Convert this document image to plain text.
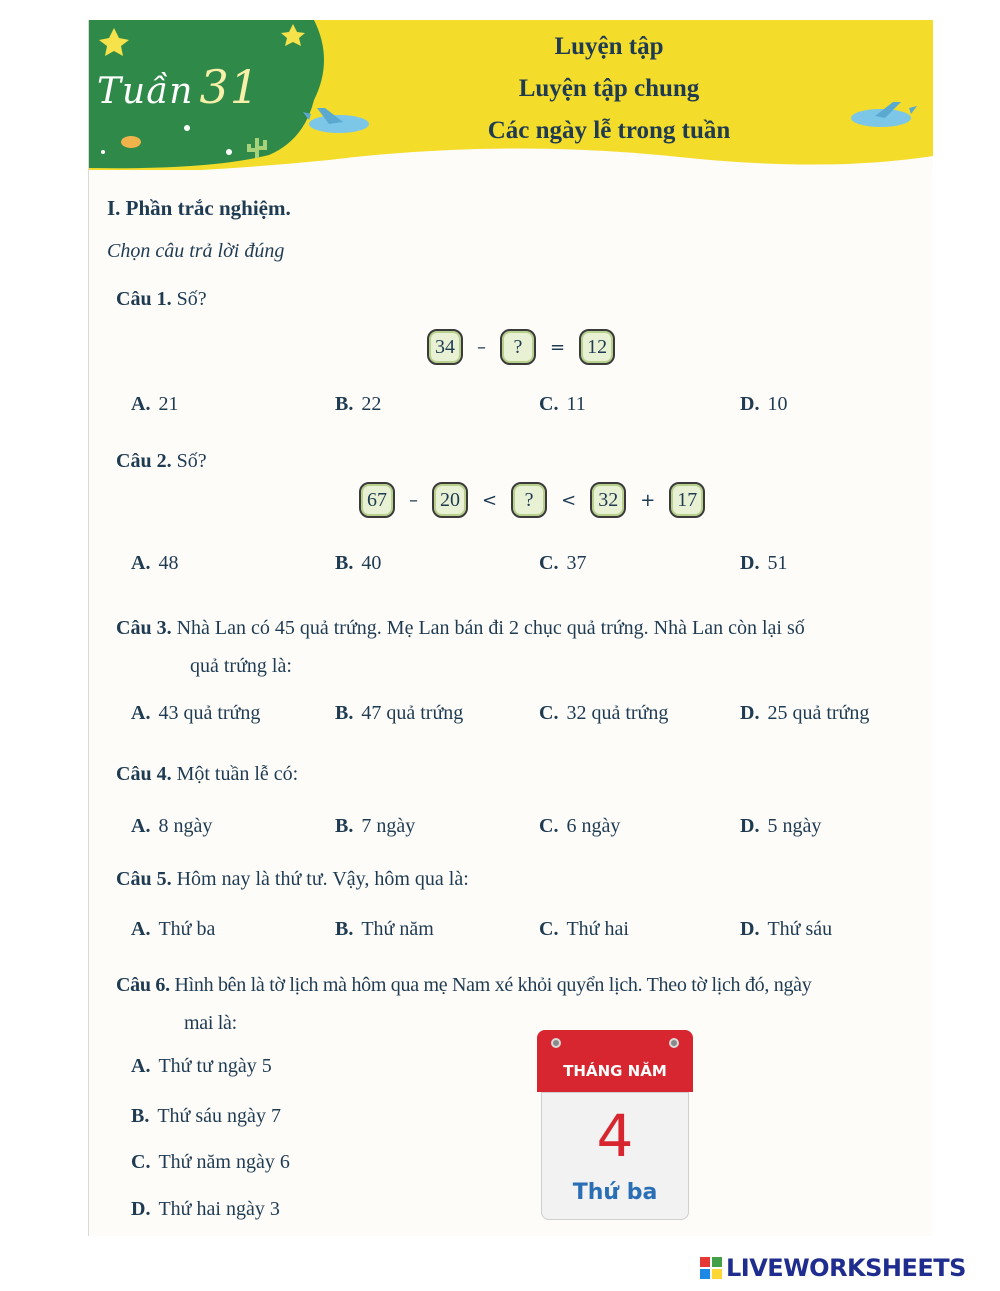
Tuần 31
Luyện tập
Luyện tập chung
Các ngày lễ trong tuần
I. Phần trắc nghiệm.
Chọn câu trả lời đúng
Câu 1. Số?
34	–	?	=	12
A. 21	B. 22	C. 11	D. 10
Câu 2. Số?
67	–	20	<	?	<	32	+	17
A. 48	B. 40	C. 37	D. 51
Câu 3. Nhà Lan có 45 quả trứng. Mẹ Lan bán đi 2 chục quả trứng. Nhà Lan còn lại số
quả trứng là:
A. 43 quả trứng	B. 47 quả trứng	C. 32 quả trứng	D. 25 quả trứng
Câu 4. Một tuần lễ có:
A. 8 ngày	B. 7 ngày	C. 6 ngày	D. 5 ngày
Câu 5. Hôm nay là thứ tư. Vậy, hôm qua là:
A. Thứ ba	B. Thứ năm	C. Thứ hai	D. Thứ sáu
Câu 6. Hình bên là tờ lịch mà hôm qua mẹ Nam xé khỏi quyển lịch. Theo tờ lịch đó, ngày
mai là:
A. Thứ tư ngày 5
B. Thứ sáu ngày 7
C. Thứ năm ngày 6
D. Thứ hai ngày 3
THÁNG NĂM
4
Thứ ba
LIVEWORKSHEETS
